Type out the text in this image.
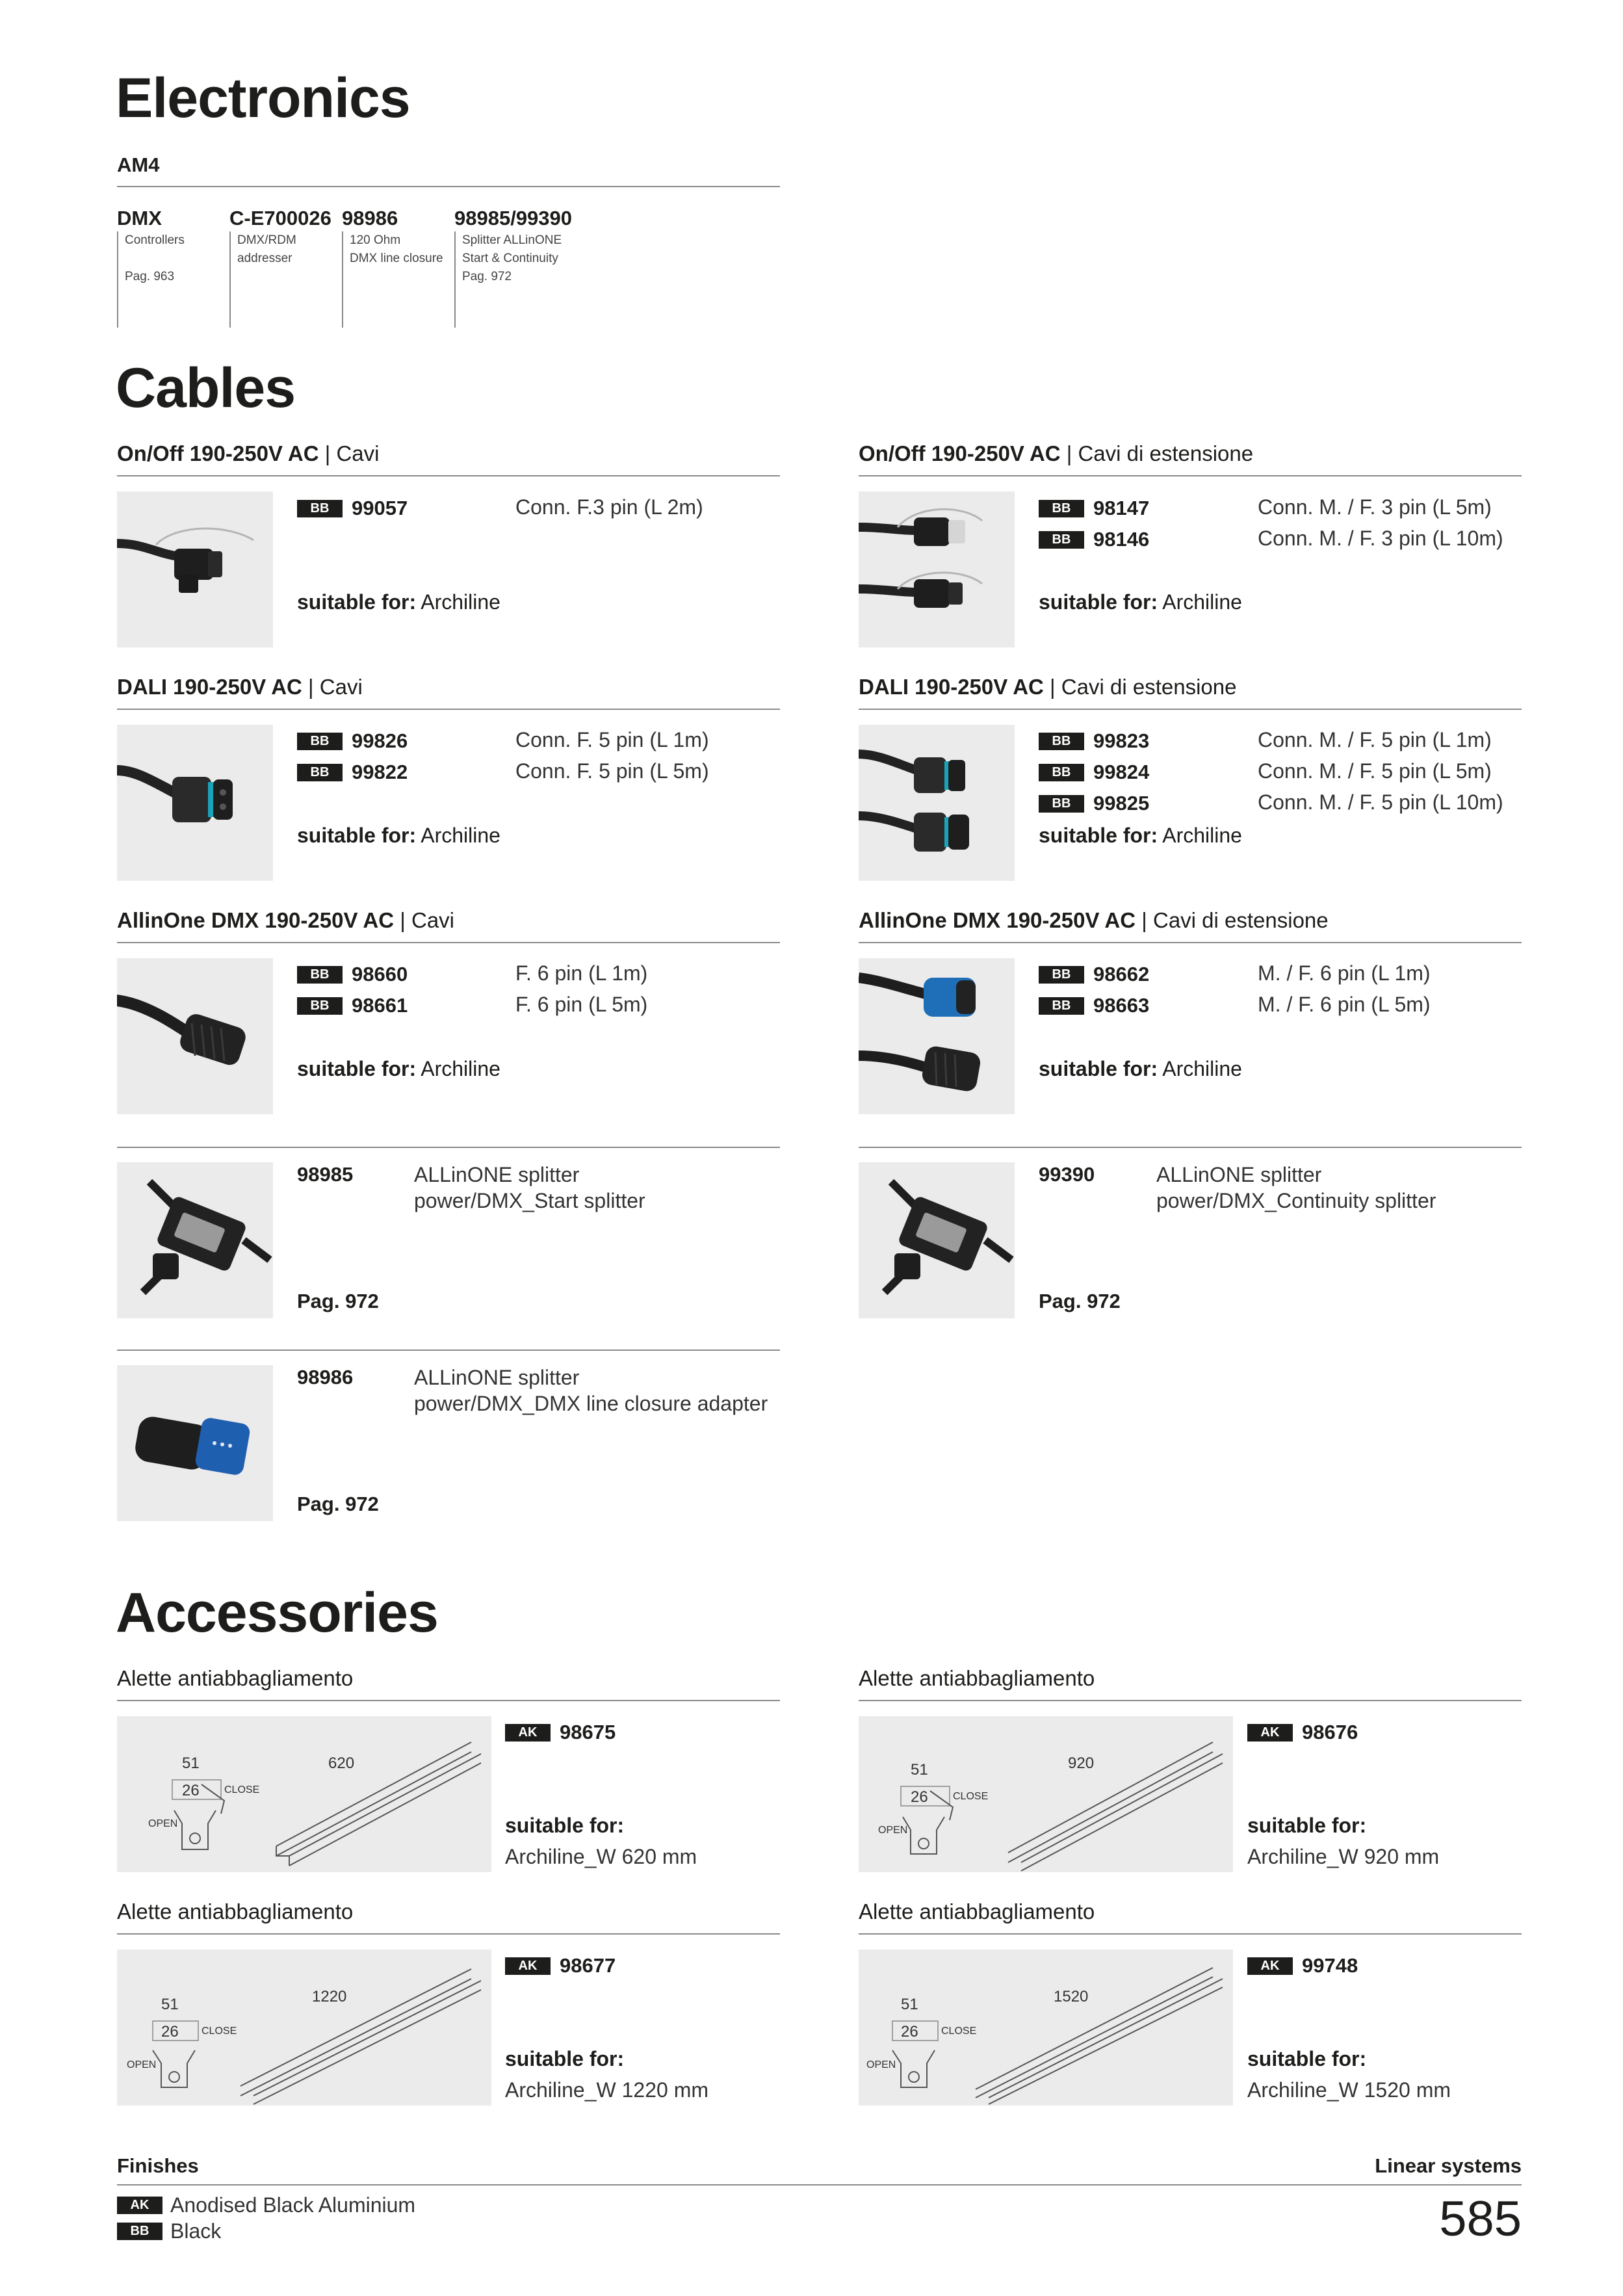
Electronics
AM4
DMX
Controllers
Pag. 963
C-E700026
DMX/RDM
addresser
98986
120 Ohm
DMX line closure
98985/99390
Splitter ALLinONE
Start & Continuity
Pag. 972
Cables
On/Off 190-250V AC | Cavi
BB	99057	Conn. F.3 pin (L 2m)
suitable for: Archiline
On/Off 190-250V AC | Cavi di estensione
BB	98147	Conn. M. / F. 3 pin (L 5m)
BB	98146	Conn. M. / F. 3 pin (L 10m)
suitable for: Archiline
DALI 190-250V AC | Cavi
BB	99826	Conn. F. 5 pin (L 1m)
BB	99822	Conn. F. 5 pin (L 5m)
suitable for: Archiline
DALI 190-250V AC | Cavi di estensione
BB	99823	Conn. M. / F. 5 pin (L 1m)
BB	99824	Conn. M. / F. 5 pin (L 5m)
BB	99825	Conn. M. / F. 5 pin (L 10m)
suitable for: Archiline
AllinOne DMX 190-250V AC | Cavi
BB	98660	F. 6 pin (L 1m)
BB	98661	F. 6 pin (L 5m)
suitable for: Archiline
AllinOne DMX 190-250V AC | Cavi di estensione
BB	98662	M. / F. 6 pin (L 1m)
BB	98663	M. / F. 6 pin (L 5m)
suitable for: Archiline
98985	ALLinONE splitter
power/DMX_Start splitter
Pag. 972
99390	ALLinONE splitter
power/DMX_Continuity splitter
Pag. 972
98986	ALLinONE splitter
power/DMX_DMX line closure adapter
Pag. 972
Accessories
Alette antiabbagliamento
51
26 CLOSE
OPEN
620
AK	98675
suitable for:
Archiline_W 620 mm
Alette antiabbagliamento
51
26 CLOSE
OPEN
920
AK	98676
suitable for:
Archiline_W 920 mm
Alette antiabbagliamento
51
26 CLOSE
OPEN
1220
AK	98677
suitable for:
Archiline_W 1220 mm
Alette antiabbagliamento
51
26 CLOSE
OPEN
1520
AK	99748
suitable for:
Archiline_W 1520 mm
Finishes	Linear systems
AK	Anodised Black Aluminium
BB	Black	585
